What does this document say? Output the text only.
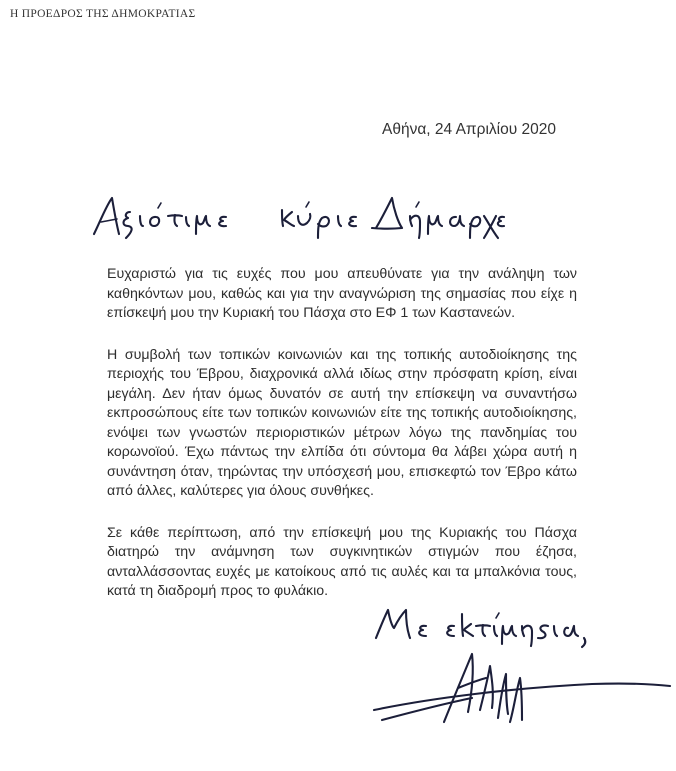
Η ΠΡΟΕΔΡΟΣ ΤΗΣ ΔΗΜΟΚΡΑΤΙΑΣ
Αθήνα, 24 Απριλίου 2020

Ευχαριστώ για τις ευχές που μου απευθύνατε για την ανάληψη των καθηκόντων μου, καθώς και για την αναγνώριση της σημασίας που είχε η επίσκεψή μου την Κυριακή του Πάσχα στο ΕΦ 1 των Καστανεών.

Η συμβολή των τοπικών κοινωνιών και της τοπικής αυτοδιοίκησης της περιοχής του Έβρου, διαχρονικά αλλά ιδίως στην πρόσφατη κρίση, είναι μεγάλη. Δεν ήταν όμως δυνατόν σε αυτή την επίσκεψη να συναντήσω εκπροσώπους είτε των τοπικών κοινωνιών είτε της τοπικής αυτοδιοίκησης, ενόψει των γνωστών περιοριστικών μέτρων λόγω της πανδημίας του κορωνοϊού. Έχω πάντως την ελπίδα ότι σύντομα θα λάβει χώρα αυτή η συνάντηση όταν, τηρώντας την υπόσχεσή μου, επισκεφτώ τον Έβρο κάτω από άλλες, καλύτερες για όλους συνθήκες.

Σε κάθε περίπτωση, από την επίσκεψή μου της Κυριακής του Πάσχα διατηρώ την ανάμνηση των συγκινητικών στιγμών που έζησα, ανταλλάσσοντας ευχές με κατοίκους από τις αυλές και τα μπαλκόνια τους, κατά τη διαδρομή προς το φυλάκιο.
